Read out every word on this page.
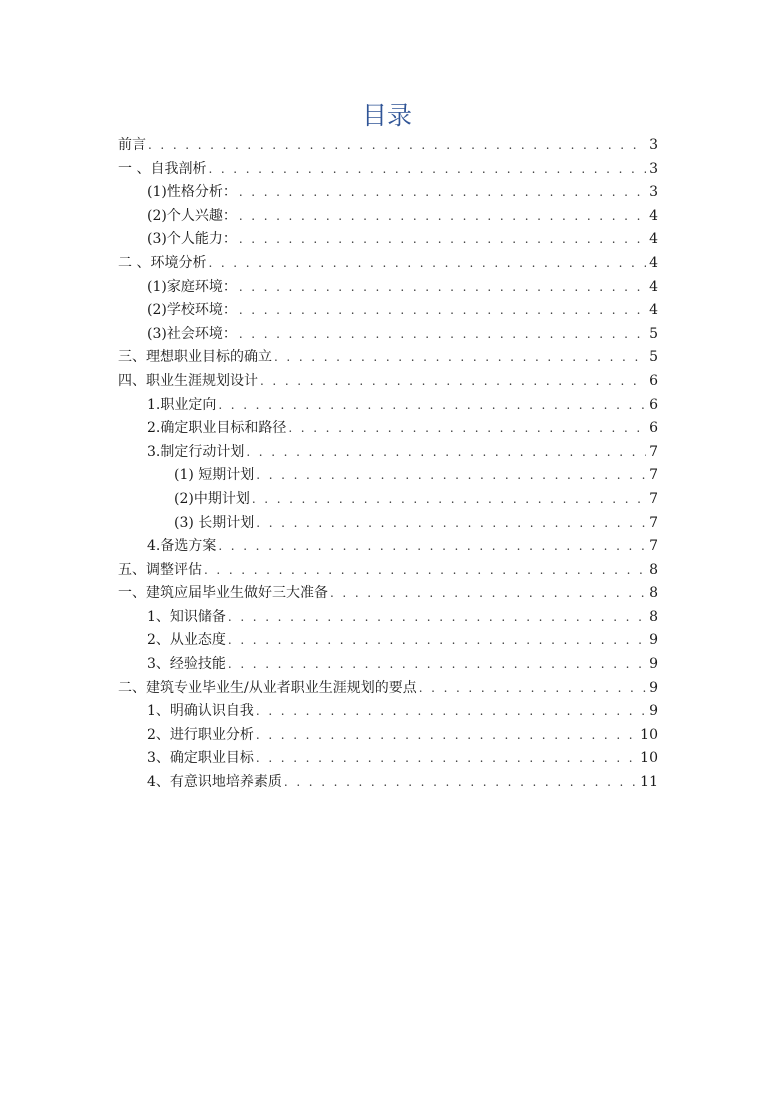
目录
前言 . . .	3
一 、自我剖析 . . .	3
(1)性格分析： . . .	3
(2)个人兴趣： . . .	4
(3)个人能力： . . .	4
二 、环境分析 . . .	4
(1)家庭环境： . . .	4
(2)学校环境： . . .	4
(3)社会环境： . . .	5
三、理想职业目标的确立 . . .	5
四、职业生涯规划设计 . . .	6
1.职业定向 . . .	6
2.确定职业目标和路径 . . .	6
3.制定行动计划 . . .	7
(1) 短期计划 . . .	7
(2)中期计划 . . .	7
(3) 长期计划 . . .	7
4.备选方案 . . .	7
五、调整评估 . . .	8
一、建筑应届毕业生做好三大准备 . . .	8
1、知识储备 . . .	8
2、从业态度 . . .	9
3、经验技能 . . .	9
二、建筑专业毕业生/从业者职业生涯规划的要点 . . .	9
1、明确认识自我 . . .	9
2、进行职业分析 . . .	10
3、确定职业目标 . . .	10
4、有意识地培养素质 . . .	11
